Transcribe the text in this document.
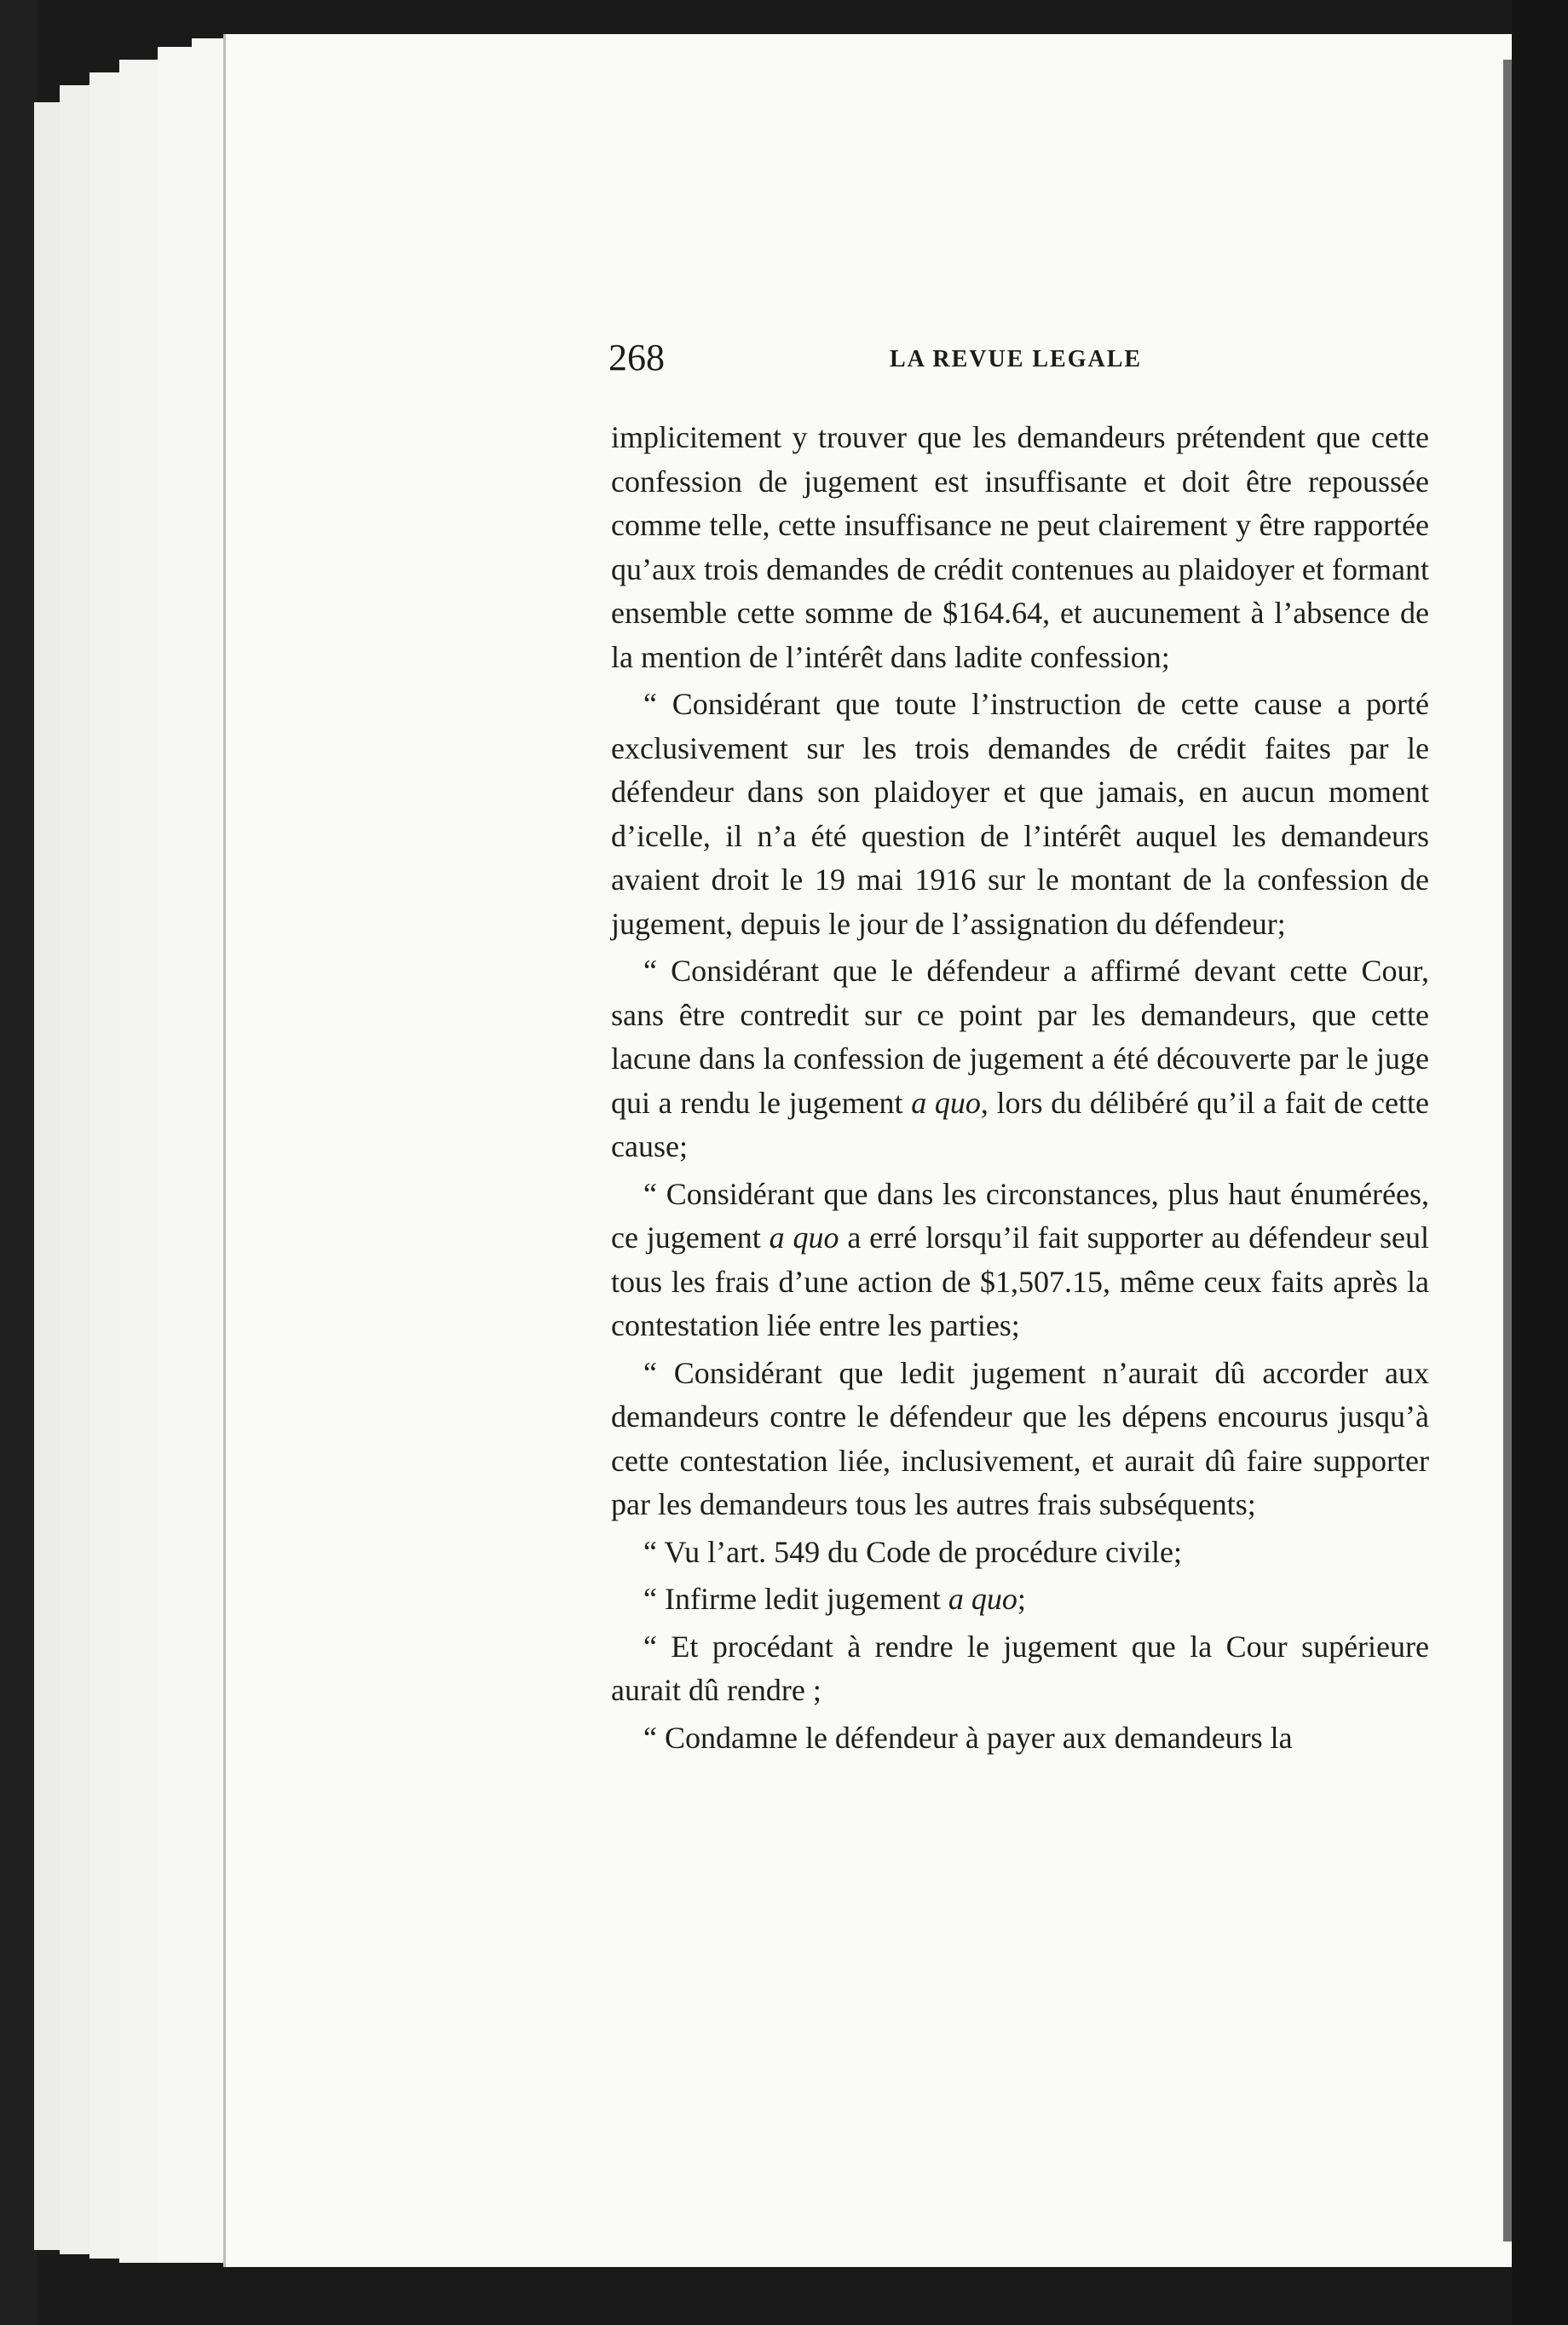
268	LA REVUE LEGALE

implicitement y trouver que les demandeurs prétendent que cette confession de jugement est insuffisante et doit être repoussée comme telle, cette insuffisance ne peut clairement y être rapportée qu’aux trois demandes de crédit contenues au plaidoyer et formant ensemble cette somme de $164.64, et aucunement à l’absence de la mention de l’intérêt dans ladite confession;

“ Considérant que toute l’instruction de cette cause a porté exclusivement sur les trois demandes de crédit faites par le défendeur dans son plaidoyer et que jamais, en aucun moment d’icelle, il n’a été question de l’intérêt auquel les demandeurs avaient droit le 19 mai 1916 sur le montant de la confession de jugement, depuis le jour de l’assignation du défendeur;

“ Considérant que le défendeur a affirmé devant cette Cour, sans être contredit sur ce point par les demandeurs, que cette lacune dans la confession de jugement a été découverte par le juge qui a rendu le jugement a quo, lors du délibéré qu’il a fait de cette cause;

“ Considérant que dans les circonstances, plus haut énumérées, ce jugement a quo a erré lorsqu’il fait supporter au défendeur seul tous les frais d’une action de $1,507.15, même ceux faits après la contestation liée entre les parties;

“ Considérant que ledit jugement n’aurait dû accorder aux demandeurs contre le défendeur que les dépens encourus jusqu’à cette contestation liée, inclusivement, et aurait dû faire supporter par les demandeurs tous les autres frais subséquents;

“ Vu l’art. 549 du Code de procédure civile;

“ Infirme ledit jugement a quo;

“ Et procédant à rendre le jugement que la Cour supérieure aurait dû rendre ;

“ Condamne le défendeur à payer aux demandeurs la
